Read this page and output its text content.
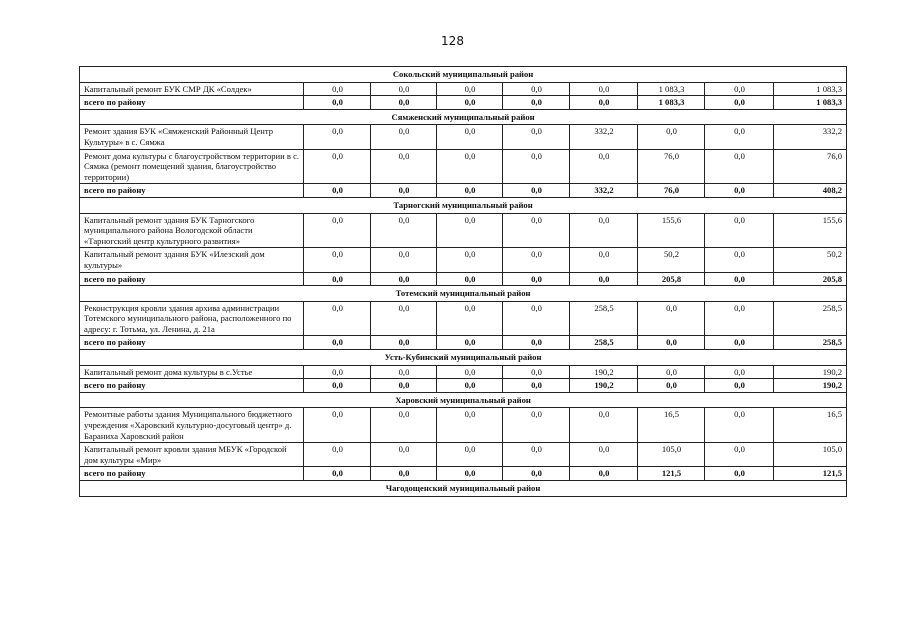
128
Сокольский муниципальный район								
Капитальный ремонт БУК СМР ДК «Солдек»	0,0	0,0	0,0	0,0	0,0	1 083,3	0,0	1 083,3
всего по району	0,0	0,0	0,0	0,0	0,0	1 083,3	0,0	1 083,3
Сямженский муниципальный район								
Ремонт здания БУК «Сямженский Районный Центр Культуры» в с. Сямжа	0,0	0,0	0,0	0,0	332,2	0,0	0,0	332,2
Ремонт дома культуры с благоустройством территории в с. Сямжа (ремонт помещений здания, благоустройство территории)	0,0	0,0	0,0	0,0	0,0	76,0	0,0	76,0
всего по району	0,0	0,0	0,0	0,0	332,2	76,0	0,0	408,2
Тарногский муниципальный район								
Капитальный ремонт здания БУК Тарногского муниципального района Вологодской области «Тарногский центр культурного развития»	0,0	0,0	0,0	0,0	0,0	155,6	0,0	155,6
Капитальный ремонт здания БУК «Илезский дом культуры»	0,0	0,0	0,0	0,0	0,0	50,2	0,0	50,2
всего по району	0,0	0,0	0,0	0,0	0,0	205,8	0,0	205,8
Тотемский муниципальный район								
Реконструкция кровли здания архива администрации Тотемского муниципального района, расположенного по адресу: г. Тотьма, ул. Ленина, д. 21а	0,0	0,0	0,0	0,0	258,5	0,0	0,0	258,5
всего по району	0,0	0,0	0,0	0,0	258,5	0,0	0,0	258,5
Усть-Кубинский муниципальный район								
Капитальный ремонт дома культуры в с.Устье	0,0	0,0	0,0	0,0	190,2	0,0	0,0	190,2
всего по району	0,0	0,0	0,0	0,0	190,2	0,0	0,0	190,2
Харовский муниципальный район								
Ремонтные работы здания Муниципального бюджетного учреждения «Харовский культурно-досуговый центр» д. Бараниха Харовский район	0,0	0,0	0,0	0,0	0,0	16,5	0,0	16,5
Капитальный ремонт кровли здания МБУК «Городской дом культуры «Мир»	0,0	0,0	0,0	0,0	0,0	105,0	0,0	105,0
всего по району	0,0	0,0	0,0	0,0	0,0	121,5	0,0	121,5
Чагодощенский муниципальный район								
